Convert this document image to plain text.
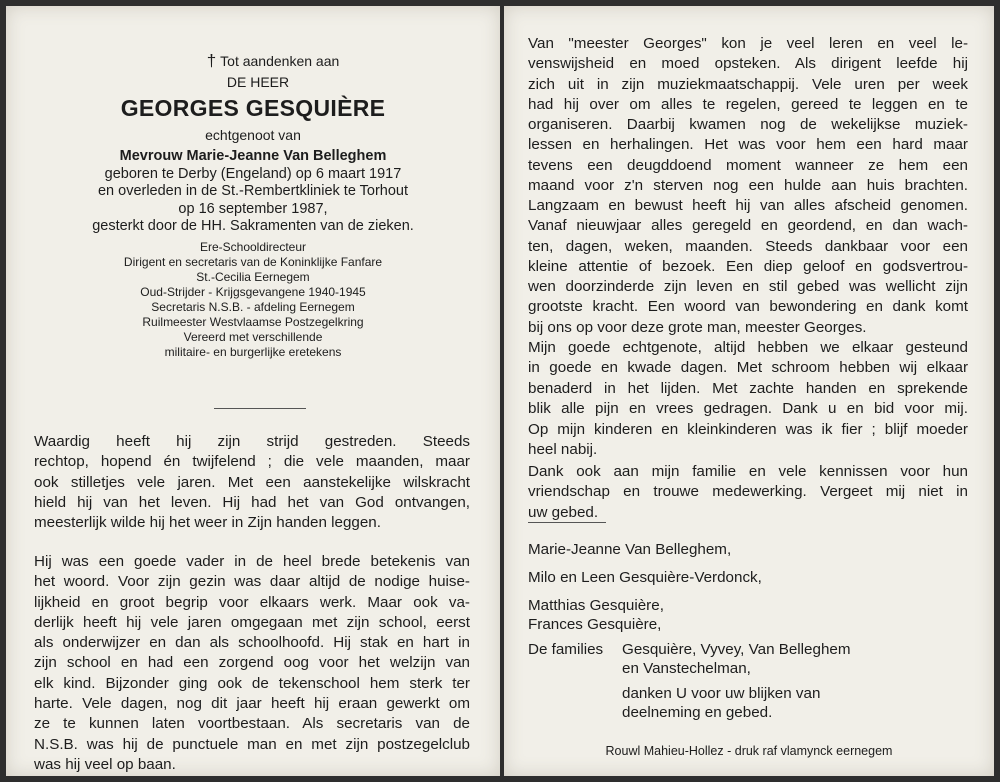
† Tot aandenken aan
DE HEER
GEORGES GESQUIÈRE
echtgenoot van
Mevrouw Marie-Jeanne Van Belleghem
geboren te Derby (Engeland) op 6 maart 1917
en overleden in de St.-Rembertkliniek te Torhout
op 16 september 1987,
gesterkt door de HH. Sakramenten van de zieken.
Ere-Schooldirecteur
Dirigent en secretaris van de Koninklijke Fanfare
St.-Cecilia Eernegem
Oud-Strijder - Krijgsgevangene 1940-1945
Secretaris N.S.B. - afdeling Eernegem
Ruilmeester Westvlaamse Postzegelkring
Vereerd met verschillende
militaire- en burgerlijke eretekens

Waardig heeft hij zijn strijd gestreden. Steeds
rechtop, hopend én twijfelend ; die vele maanden, maar
ook stilletjes vele jaren. Met een aanstekelijke wilskracht
hield hij van het leven. Hij had het van God ontvangen,
meesterlijk wilde hij het weer in Zijn handen leggen.

Hij was een goede vader in de heel brede betekenis van
het woord. Voor zijn gezin was daar altijd de nodige huise-
lijkheid en groot begrip voor elkaars werk. Maar ook va-
derlijk heeft hij vele jaren omgegaan met zijn school, eerst
als onderwijzer en dan als schoolhoofd. Hij stak en hart in
zijn school en had een zorgend oog voor het welzijn van
elk kind. Bijzonder ging ook de tekenschool hem sterk ter
harte. Vele dagen, nog dit jaar heeft hij eraan gewerkt om
ze te kunnen laten voortbestaan. Als secretaris van de
N.S.B. was hij de punctuele man en met zijn postzegelclub
was hij veel op baan.

Van "meester Georges" kon je veel leren en veel le-
venswijsheid en moed opsteken. Als dirigent leefde hij
zich uit in zijn muziekmaatschappij. Vele uren per week
had hij over om alles te regelen, gereed te leggen en te
organiseren. Daarbij kwamen nog de wekelijkse muziek-
lessen en herhalingen. Het was voor hem een hard maar
tevens een deugddoend moment wanneer ze hem een
maand voor z'n sterven nog een hulde aan huis brachten.

Langzaam en bewust heeft hij van alles afscheid genomen.
Vanaf nieuwjaar alles geregeld en geordend, en dan wach-
ten, dagen, weken, maanden. Steeds dankbaar voor een
kleine attentie of bezoek. Een diep geloof en godsvertrou-
wen doorzinderde zijn leven en stil gebed was wellicht zijn
grootste kracht. Een woord van bewondering en dank komt
bij ons op voor deze grote man, meester Georges.

Mijn goede echtgenote, altijd hebben we elkaar gesteund
in goede en kwade dagen. Met schroom hebben wij elkaar
benaderd in het lijden. Met zachte handen en sprekende
blik alle pijn en vrees gedragen. Dank u en bid voor mij.

Op mijn kinderen en kleinkinderen was ik fier ; blijf moeder
heel nabij.

Dank ook aan mijn familie en vele kennissen voor hun
vriendschap en trouwe medewerking. Vergeet mij niet in
uw gebed.

Marie-Jeanne Van Belleghem,
Milo en Leen Gesquière-Verdonck,
Matthias Gesquière,
Frances Gesquière,
De families Gesquière, Vyvey, Van Belleghem
en Vanstechelman,
danken U voor uw blijken van
deelneming en gebed.
Rouwl Mahieu-Hollez - druk raf vlamynck eernegem
